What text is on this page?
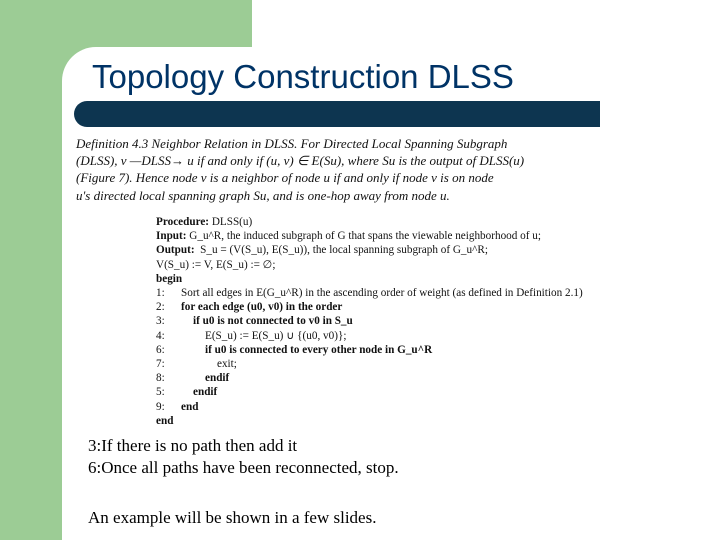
Topology Construction DLSS
Definition 4.3 Neighbor Relation in DLSS. For Directed Local Spanning Subgraph
(DLSS), v —DLSS→ u if and only if (u, v) ∈ E(Su), where Su is the output of DLSS(u)
(Figure 7). Hence node v is a neighbor of node u if and only if node v is on node
u's directed local spanning graph Su, and is one-hop away from node u.
Procedure:
DLSS(u)
Input:
G_u^R, the induced subgraph of G that spans the viewable neighborhood of u;
Output:
S_u = (V(S_u), E(S_u)), the local spanning subgraph of G_u^R;
V(S_u) := V, E(S_u) := ∅;
begin
1:	Sort all edges in E(G_u^R) in the ascending order of weight (as defined in Definition 2.1)
2:	for each edge (u0, v0) in the order
3:	if u0 is not connected to v0 in S_u
4:	E(S_u) := E(S_u) ∪ {(u0, v0)};
6:	if u0 is connected to every other node in G_u^R
7:	exit;
8:	endif
5:	endif
9:	end
end
3:If there is no path then add it
6:Once all paths have been reconnected, stop.
An example will be shown in a few slides.
